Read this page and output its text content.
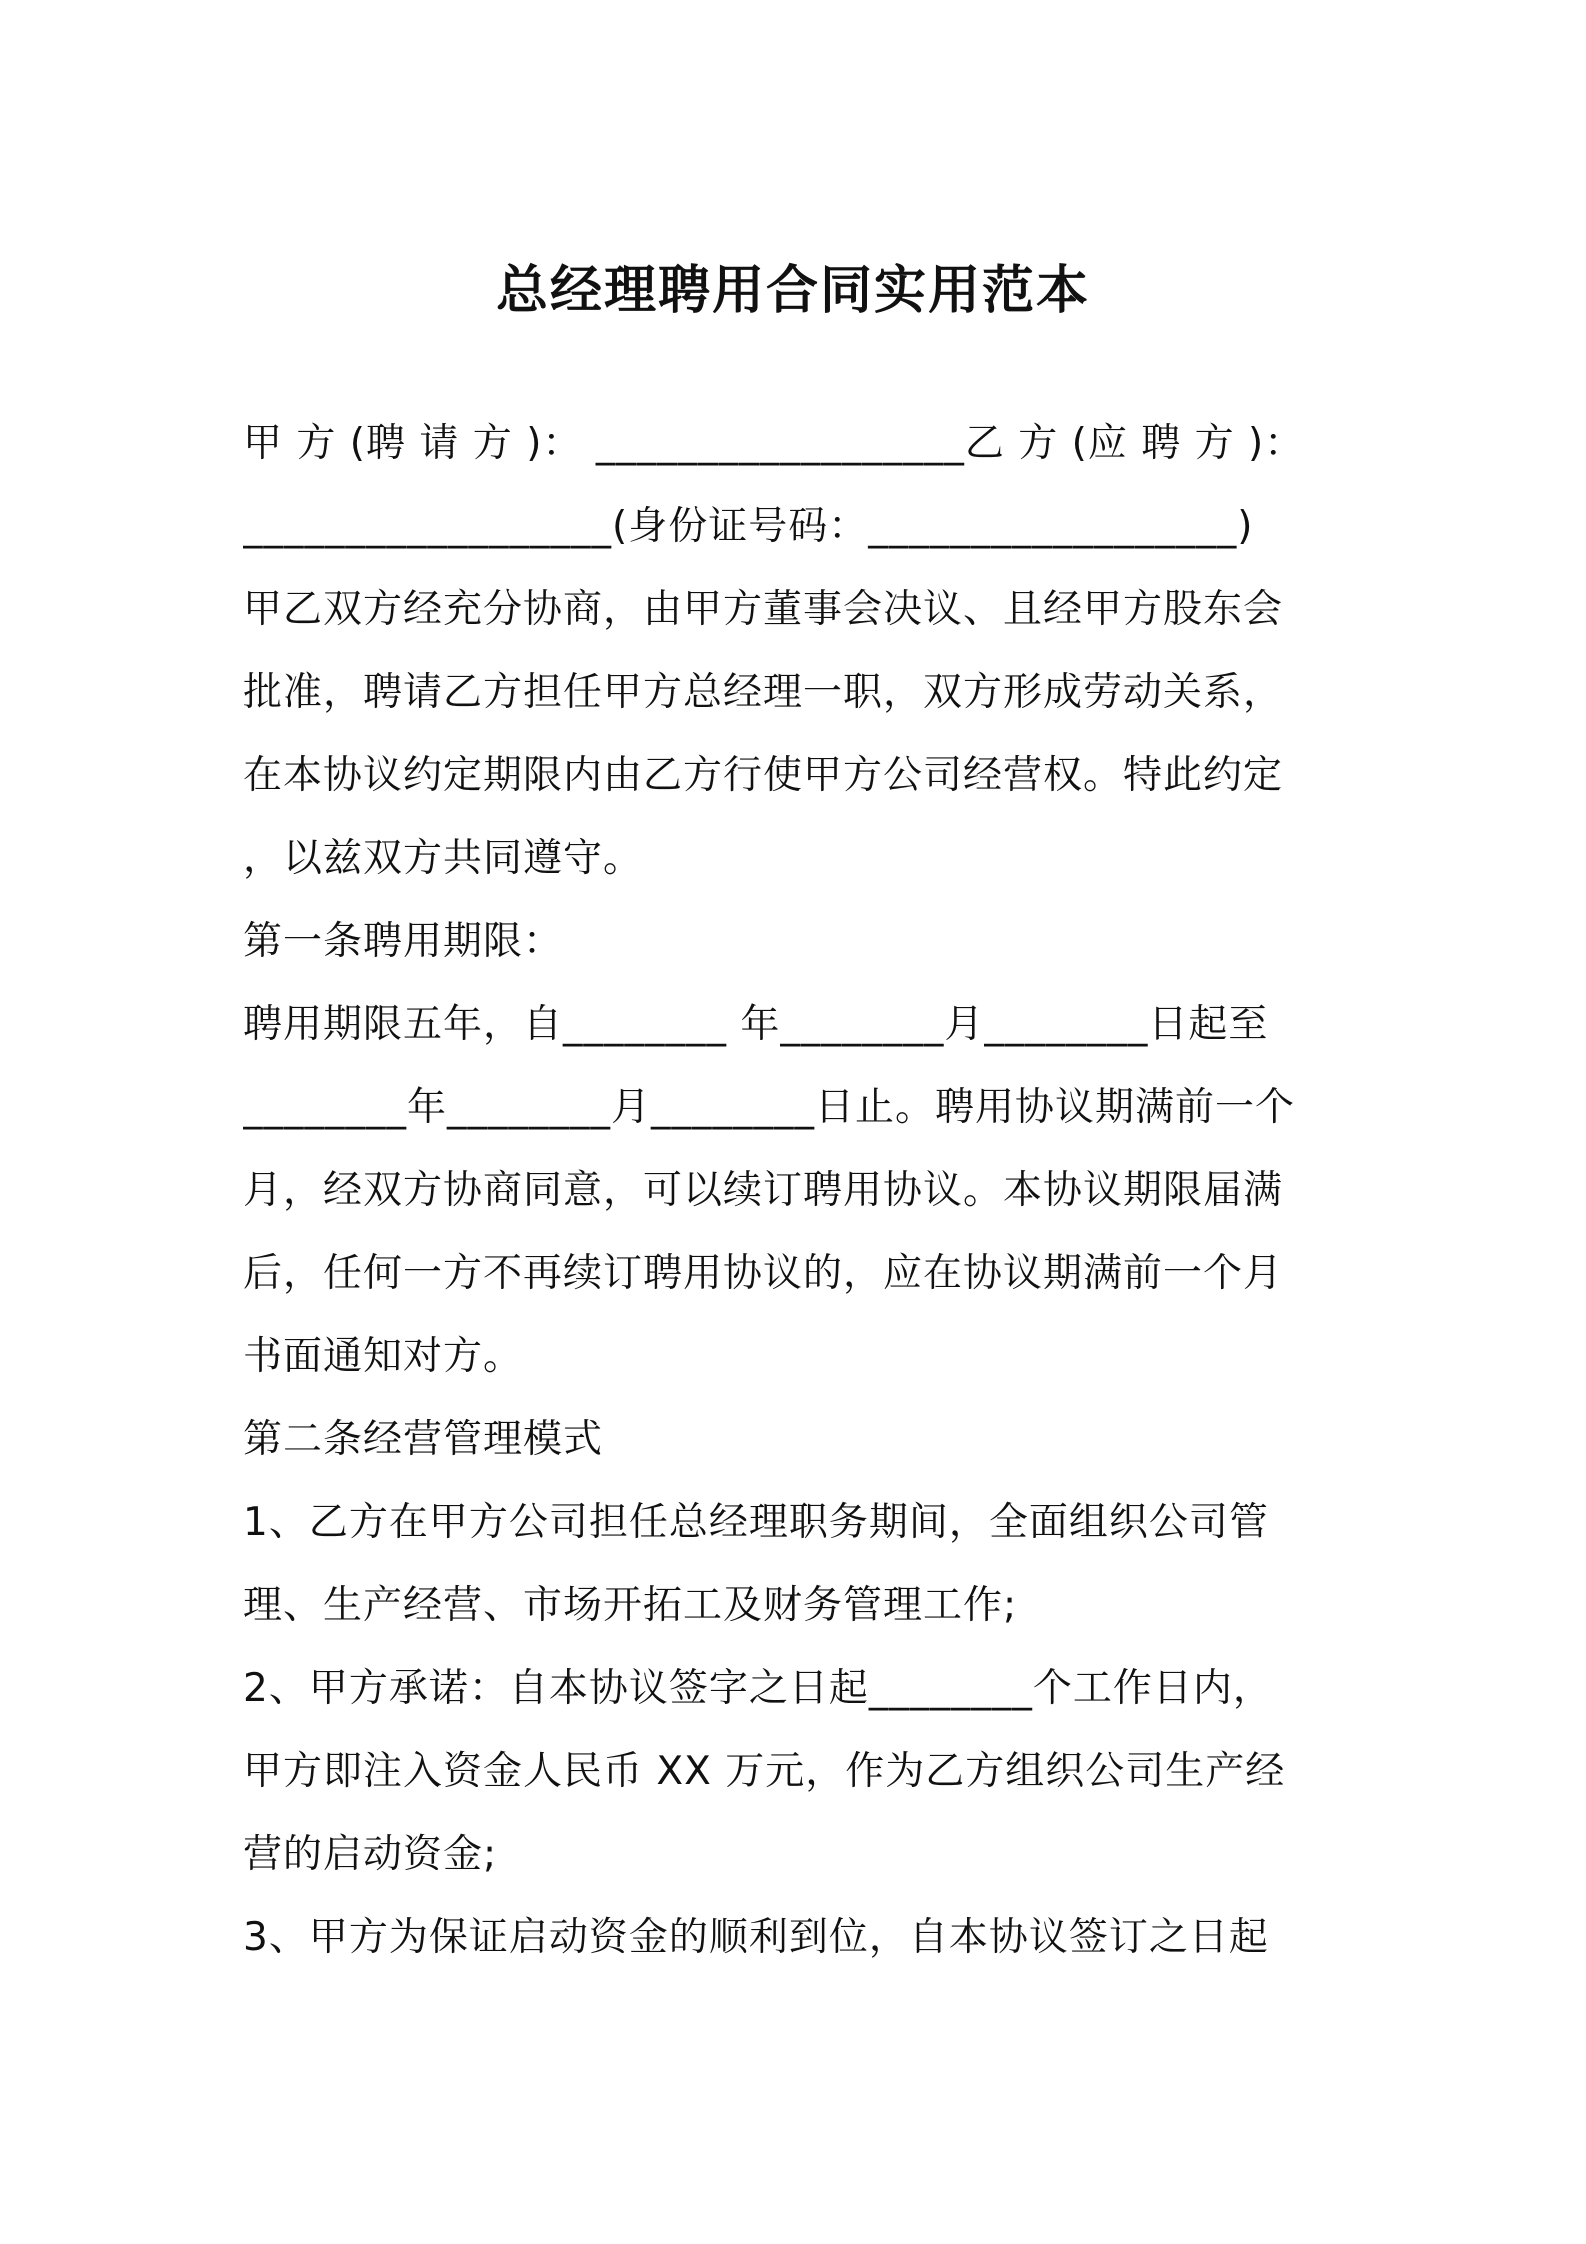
总经理聘用合同实用范本
甲 方 (聘 请 方 )： __________________乙 方 (应 聘 方 )：
__________________(身份证号码：__________________)
甲乙双方经充分协商，由甲方董事会决议、且经甲方股东会
批准，聘请乙方担任甲方总经理一职，双方形成劳动关系，
在本协议约定期限内由乙方行使甲方公司经营权。特此约定
，以兹双方共同遵守。
第一条聘用期限：
聘用期限五年，自________ 年________月________日起至
________年________月________日止。聘用协议期满前一个
月，经双方协商同意，可以续订聘用协议。本协议期限届满
后，任何一方不再续订聘用协议的，应在协议期满前一个月
书面通知对方。
第二条经营管理模式
1、乙方在甲方公司担任总经理职务期间，全面组织公司管
理、生产经营、市场开拓工及财务管理工作;
2、甲方承诺：自本协议签字之日起________个工作日内，
甲方即注入资金人民币 XX 万元，作为乙方组织公司生产经
营的启动资金;
3、甲方为保证启动资金的顺利到位，自本协议签订之日起
